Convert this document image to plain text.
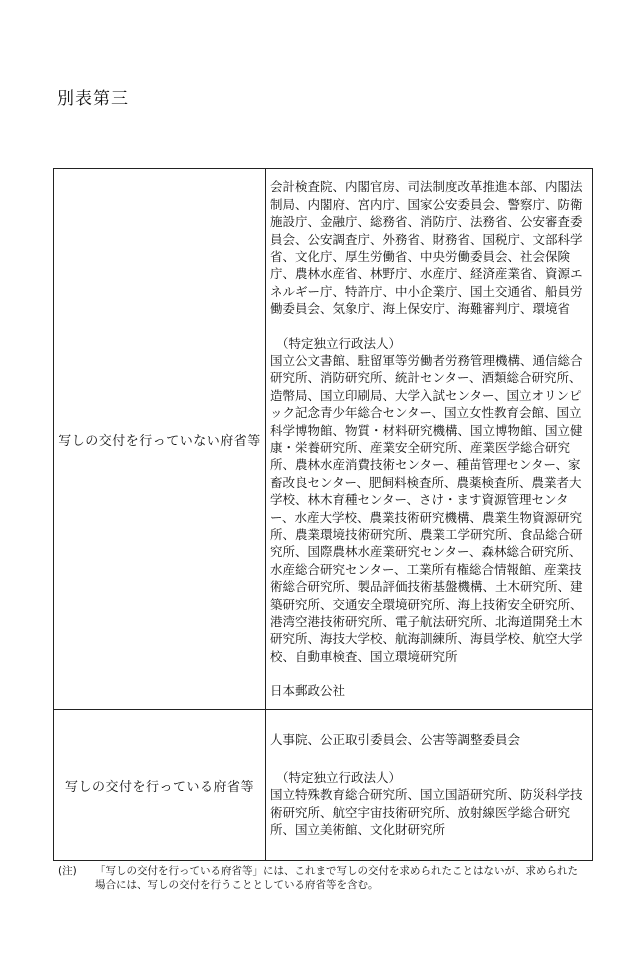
別表第三
写しの交付を行っていない府省等	会計検査院、内閣官房、司法制度改革推進本部、内閣法制局、内閣府、宮内庁、国家公安委員会、警察庁、防衛施設庁、金融庁、総務省、消防庁、法務省、公安審査委員会、公安調査庁、外務省、財務省、国税庁、文部科学省、文化庁、厚生労働省、中央労働委員会、社会保険庁、農林水産省、林野庁、水産庁、経済産業省、資源エネルギー庁、特許庁、中小企業庁、国土交通省、船員労働委員会、気象庁、海上保安庁、海難審判庁、環境省
（特定独立行政法人）
国立公文書館、駐留軍等労働者労務管理機構、通信総合研究所、消防研究所、統計センター、酒類総合研究所、造幣局、国立印刷局、大学入試センター、国立オリンピック記念青少年総合センター、国立女性教育会館、国立科学博物館、物質・材料研究機構、国立博物館、国立健康・栄養研究所、産業安全研究所、産業医学総合研究所、農林水産消費技術センター、種苗管理センター、家畜改良センター、肥飼料検査所、農薬検査所、農業者大学校、林木育種センター、さけ・ます資源管理センター、水産大学校、農業技術研究機構、農業生物資源研究所、農業環境技術研究所、農業工学研究所、食品総合研究所、国際農林水産業研究センター、森林総合研究所、水産総合研究センター、工業所有権総合情報館、産業技術総合研究所、製品評価技術基盤機構、土木研究所、建築研究所、交通安全環境研究所、海上技術安全研究所、港湾空港技術研究所、電子航法研究所、北海道開発土木研究所、海技大学校、航海訓練所、海員学校、航空大学校、自動車検査、国立環境研究所
日本郵政公社

写しの交付を行っている府省等	人事院、公正取引委員会、公害等調整委員会
（特定独立行政法人）
国立特殊教育総合研究所、国立国語研究所、防災科学技術研究所、航空宇宙技術研究所、放射線医学総合研究所、国立美術館、文化財研究所
(注)	「写しの交付を行っている府省等」には、これまで写しの交付を求められたことはないが、求められた場合には、写しの交付を行うこととしている府省等を含む。
